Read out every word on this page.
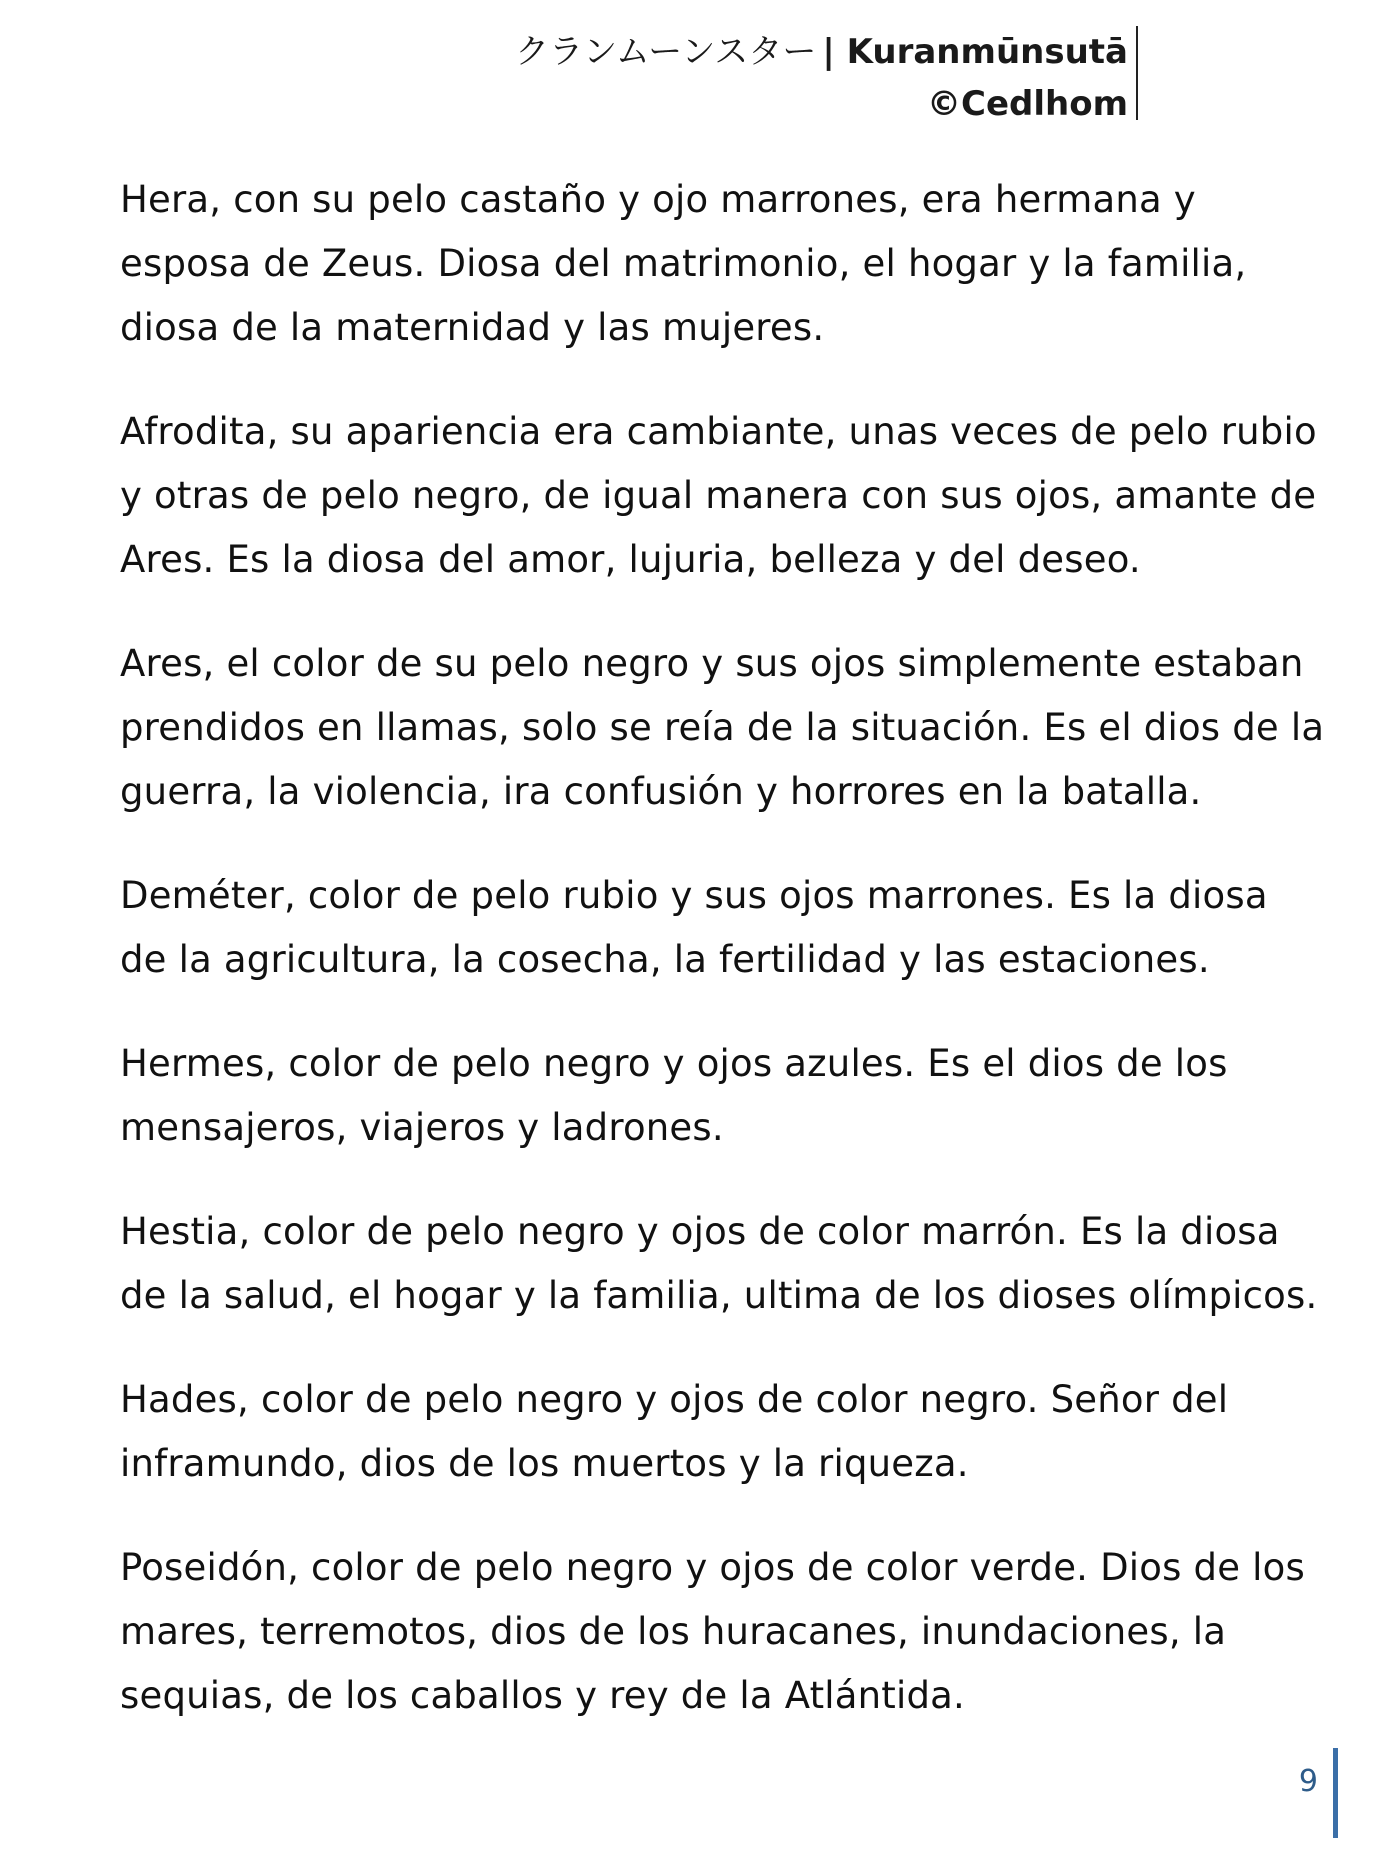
クランムーンスター | Kuranmūnsutā
©Cedlhom

Hera, con su pelo castaño y ojo marrones, era hermana y
esposa de Zeus. Diosa del matrimonio, el hogar y la familia,
diosa de la maternidad y las mujeres.

Afrodita, su apariencia era cambiante, unas veces de pelo rubio
y otras de pelo negro, de igual manera con sus ojos, amante de
Ares. Es la diosa del amor, lujuria, belleza y del deseo.

Ares, el color de su pelo negro y sus ojos simplemente estaban
prendidos en llamas, solo se reía de la situación. Es el dios de la
guerra, la violencia, ira confusión y horrores en la batalla.

Deméter, color de pelo rubio y sus ojos marrones. Es la diosa
de la agricultura, la cosecha, la fertilidad y las estaciones.

Hermes, color de pelo negro y ojos azules. Es el dios de los
mensajeros, viajeros y ladrones.

Hestia, color de pelo negro y ojos de color marrón. Es la diosa
de la salud, el hogar y la familia, ultima de los dioses olímpicos.

Hades, color de pelo negro y ojos de color negro. Señor del
inframundo, dios de los muertos y la riqueza.

Poseidón, color de pelo negro y ojos de color verde. Dios de los
mares, terremotos, dios de los huracanes, inundaciones, la
sequias, de los caballos y rey de la Atlántida.

9
